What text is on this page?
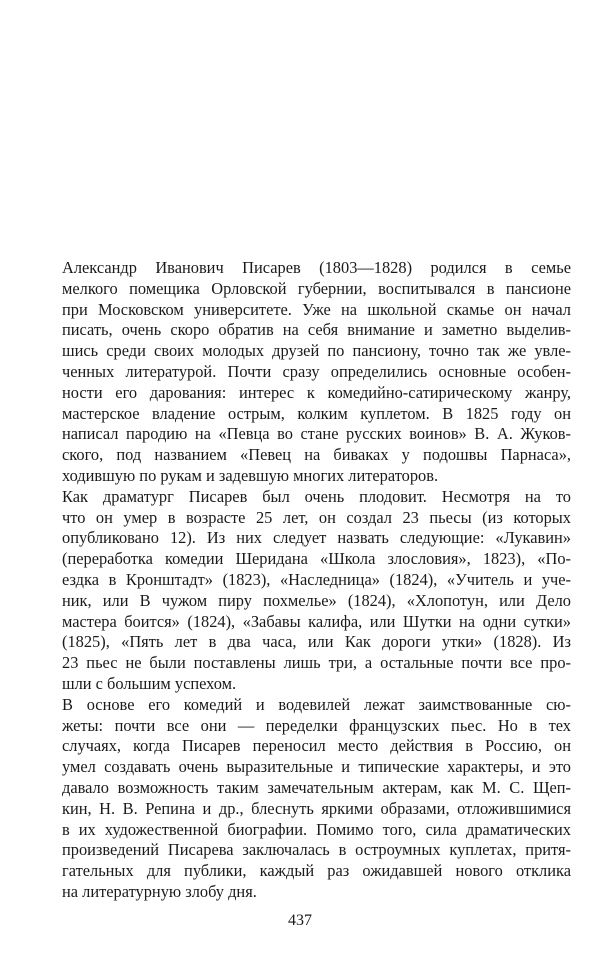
Александр Иванович Писарев (1803—1828) родился в семье
мелкого помещика Орловской губернии, воспитывался в пансионе
при Московском университете. Уже на школьной скамье он начал
писать, очень скоро обратив на себя внимание и заметно выделив-
шись среди своих молодых друзей по пансиону, точно так же увле-
ченных литературой. Почти сразу определились основные особен-
ности его дарования: интерес к комедийно-сатирическому жанру,
мастерское владение острым, колким куплетом. В 1825 году он
написал пародию на «Певца во стане русских воинов» В. А. Жуков-
ского, под названием «Певец на биваках у подошвы Парнаса»,
ходившую по рукам и задевшую многих литераторов.
Как драматург Писарев был очень плодовит. Несмотря на то
что он умер в возрасте 25 лет, он создал 23 пьесы (из которых
опубликовано 12). Из них следует назвать следующие: «Лукавин»
(переработка комедии Шеридана «Школа злословия», 1823), «По-
ездка в Кронштадт» (1823), «Наследница» (1824), «Учитель и уче-
ник, или В чужом пиру похмелье» (1824), «Хлопотун, или Дело
мастера боится» (1824), «Забавы калифа, или Шутки на одни сутки»
(1825), «Пять лет в два часа, или Как дороги утки» (1828). Из
23 пьес не были поставлены лишь три, а остальные почти все про-
шли с большим успехом.
В основе его комедий и водевилей лежат заимствованные сю-
жеты: почти все они — переделки французских пьес. Но в тех
случаях, когда Писарев переносил место действия в Россию, он
умел создавать очень выразительные и типические характеры, и это
давало возможность таким замечательным актерам, как М. С. Щеп-
кин, Н. В. Репина и др., блеснуть яркими образами, отложившимися
в их художественной биографии. Помимо того, сила драматических
произведений Писарева заключалась в остроумных куплетах, притя-
гательных для публики, каждый раз ожидавшей нового отклика
на литературную злобу дня.
437
